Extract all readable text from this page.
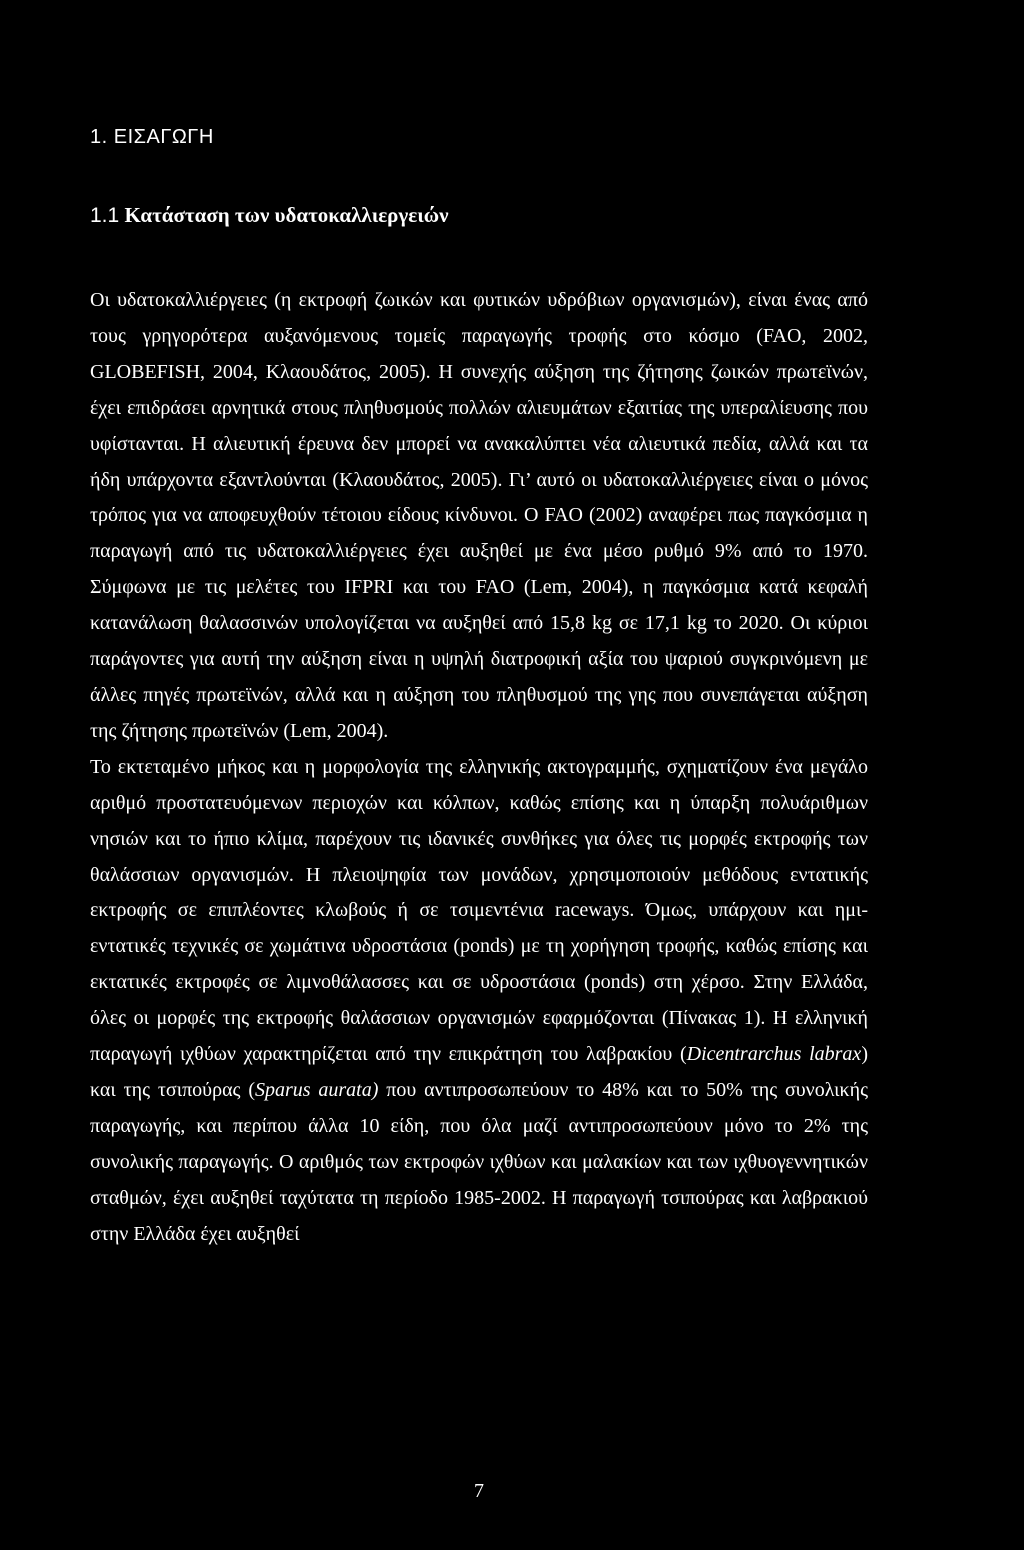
1. ΕΙΣΑΓΩΓΗ
1.1 Κατάσταση των υδατοκαλλιεργειών

Οι υδατοκαλλιέργειες (η εκτροφή ζωικών και φυτικών υδρόβιων οργανισμών), είναι ένας από τους γρηγορότερα αυξανόμενους τομείς παραγωγής τροφής στο κόσμο (FAO, 2002, GLOBEFISH, 2004, Κλαουδάτος, 2005). Η συνεχής αύξηση της ζήτησης ζωικών πρωτεϊνών, έχει επιδράσει αρνητικά στους πληθυσμούς πολλών αλιευμάτων εξαιτίας της υπεραλίευσης που υφίστανται. Η αλιευτική έρευνα δεν μπορεί να ανακαλύπτει νέα αλιευτικά πεδία, αλλά και τα ήδη υπάρχοντα εξαντλούνται (Κλαουδάτος, 2005). Γι’ αυτό οι υδατοκαλλιέργειες είναι ο μόνος τρόπος για να αποφευχθούν τέτοιου είδους κίνδυνοι. Ο FAO (2002) αναφέρει πως παγκόσμια η παραγωγή από τις υδατοκαλλιέργειες έχει αυξηθεί με ένα μέσο ρυθμό 9% από το 1970. Σύμφωνα με τις μελέτες του IFPRI και του FAO (Lem, 2004), η παγκόσμια κατά κεφαλή κατανάλωση θαλασσινών υπολογίζεται να αυξηθεί από 15,8 kg σε 17,1 kg το 2020. Οι κύριοι παράγοντες για αυτή την αύξηση είναι η υψηλή διατροφική αξία του ψαριού συγκρινόμενη με άλλες πηγές πρωτεϊνών, αλλά και η αύξηση του πληθυσμού της γης που συνεπάγεται αύξηση της ζήτησης πρωτεϊνών (Lem, 2004).

Το εκτεταμένο μήκος και η μορφολογία της ελληνικής ακτογραμμής, σχηματίζουν ένα μεγάλο αριθμό προστατευόμενων περιοχών και κόλπων, καθώς επίσης και η ύπαρξη πολυάριθμων νησιών και το ήπιο κλίμα, παρέχουν τις ιδανικές συνθήκες για όλες τις μορφές εκτροφής των θαλάσσιων οργανισμών. Η πλειοψηφία των μονάδων, χρησιμοποιούν μεθόδους εντατικής εκτροφής σε επιπλέοντες κλωβούς ή σε τσιμεντένια raceways. Όμως, υπάρχουν και ημι-εντατικές τεχνικές σε χωμάτινα υδροστάσια (ponds) με τη χορήγηση τροφής, καθώς επίσης και εκτατικές εκτροφές σε λιμνοθάλασσες και σε υδροστάσια (ponds) στη χέρσο. Στην Ελλάδα, όλες οι μορφές της εκτροφής θαλάσσιων οργανισμών εφαρμόζονται (Πίνακας 1). Η ελληνική παραγωγή ιχθύων χαρακτηρίζεται από την επικράτηση του λαβρακίου (Dicentrarchus labrax) και της τσιπούρας (Sparus aurata) που αντιπροσωπεύουν το 48% και το 50% της συνολικής παραγωγής, και περίπου άλλα 10 είδη, που όλα μαζί αντιπροσωπεύουν μόνο το 2% της συνολικής παραγωγής. Ο αριθμός των εκτροφών ιχθύων και μαλακίων και των ιχθυογεννητικών σταθμών, έχει αυξηθεί ταχύτατα τη περίοδο 1985-2002. Η παραγωγή τσιπούρας και λαβρακιού στην Ελλάδα έχει αυξηθεί

7
